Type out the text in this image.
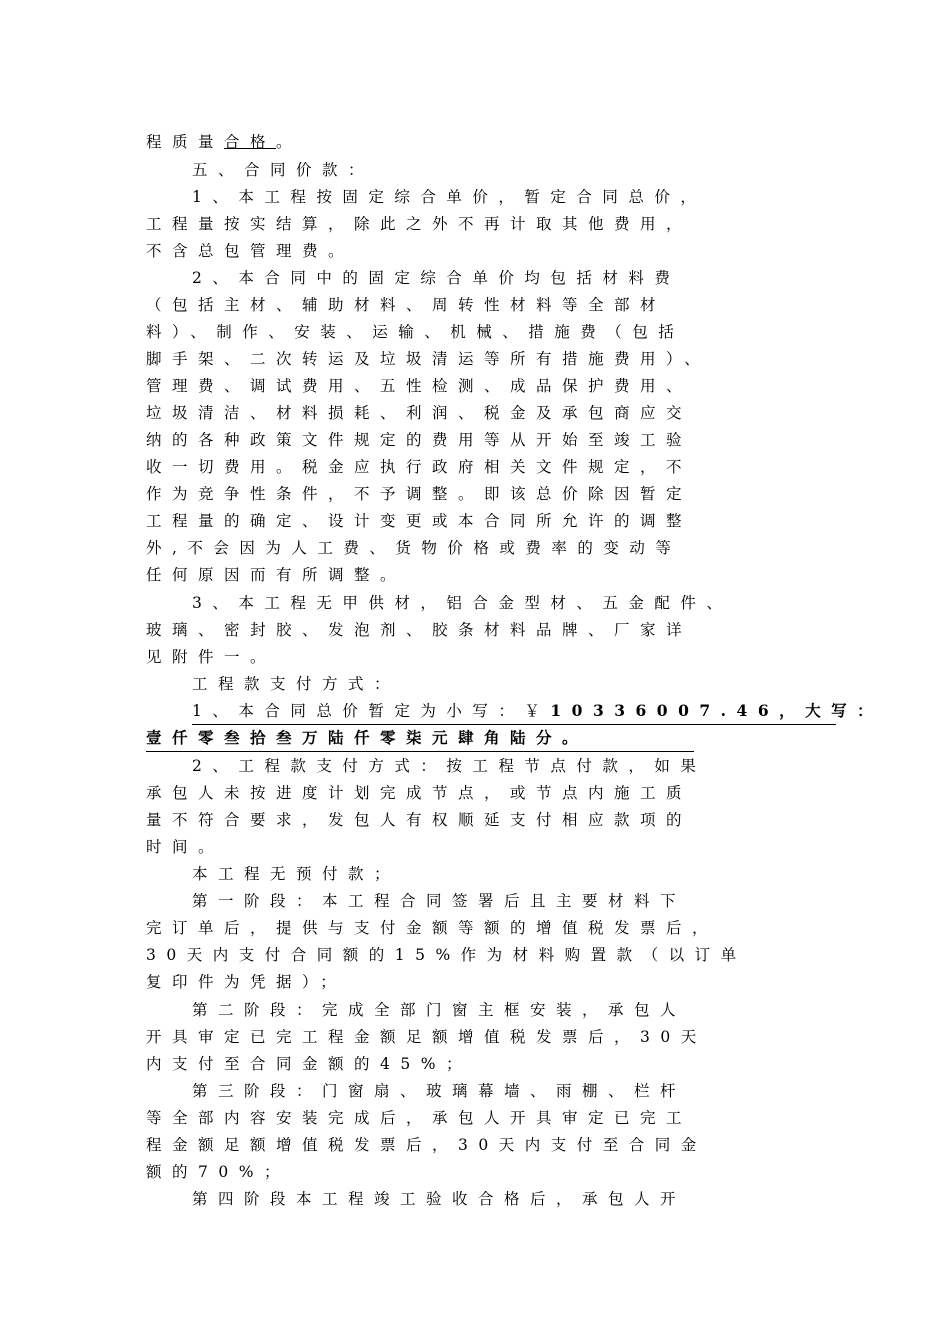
程质量合格。
五、合同价款：
1、本工程按固定综合单价，暂定合同总价，
工程量按实结算，除此之外不再计取其他费用，
不含总包管理费。
2、本合同中的固定综合单价均包括材料费
（包括主材、辅助材料、周转性材料等全部材
料）、制作、安装、运输、机械、措施费（包括
脚手架、二次转运及垃圾清运等所有措施费用）、
管理费、调试费用、五性检测、成品保护费用、
垃圾清洁、材料损耗、利润、税金及承包商应交
纳的各种政策文件规定的费用等从开始至竣工验
收一切费用。税金应执行政府相关文件规定，不
作为竞争性条件，不予调整。即该总价除因暂定
工程量的确定、设计变更或本合同所允许的调整
外,不会因为人工费、货物价格或费率的变动等
任何原因而有所调整。
3、本工程无甲供材，铝合金型材、五金配件、
玻璃、密封胶、发泡剂、胶条材料品牌、厂家详
见附件一。
工程款支付方式：
1、本合同总价暂定为小写：￥10336007.46，大写：
壹仟零叁拾叁万陆仟零柒元肆角陆分。
2、工程款支付方式：按工程节点付款，如果
承包人未按进度计划完成节点，或节点内施工质
量不符合要求，发包人有权顺延支付相应款项的
时间。
本工程无预付款；
第一阶段：本工程合同签署后且主要材料下
完订单后，提供与支付金额等额的增值税发票后，
30天内支付合同额的15%作为材料购置款（以订单
复印件为凭据）；
第二阶段：完成全部门窗主框安装，承包人
开具审定已完工程金额足额增值税发票后，30天
内支付至合同金额的45%；
第三阶段：门窗扇、玻璃幕墙、雨棚、栏杆
等全部内容安装完成后，承包人开具审定已完工
程金额足额增值税发票后，30天内支付至合同金
额的70%；
第四阶段本工程竣工验收合格后，承包人开
